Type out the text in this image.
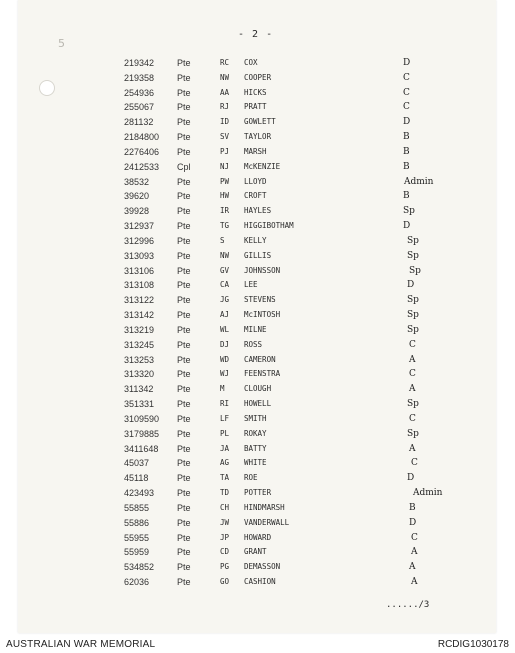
5
- 2 -
219342	Pte	RC COX	D
219358	Pte	NW COOPER	C
254936	Pte	AA HICKS	C
255067	Pte	RJ PRATT	C
281132	Pte	ID GOWLETT	D
2184800 Pte	SV TAYLOR	B
2276406 Pte	PJ MARSH	B
2412533 Cpl	NJ McKENZIE	B
38532	Pte	PW LLOYD	Admin
39620	Pte	HW CROFT	B
39928	Pte	IR HAYLES	Sp
312937	Pte	TG HIGGIBOTHAM	D
312996	Pte	S	KELLY	Sp
313093	Pte	NW GILLIS	Sp
313106	Pte	GV JOHNSSON	Sp
313108	Pte	CA LEE	D
313122	Pte	JG STEVENS	Sp
313142	Pte	AJ McINTOSH	Sp
313219	Pte	WL MILNE	Sp
313245	Pte	DJ ROSS	C
313253	Pte	WD CAMERON	A
313320	Pte	WJ FEENSTRA	C
311342	Pte	M	CLOUGH	A
351331	Pte	RI HOWELL	Sp
3109590 Pte	LF SMITH	C
3179885 Pte	PL ROKAY	Sp
3411648 Pte	JA BATTY	A
45037	Pte	AG WHITE	C
45118	Pte	TA ROE	D
423493	Pte	TD POTTER	Admin
55855	Pte	CH HINDMARSH	B
55886	Pte	JW VANDERWALL	D
55955	Pte	JP HOWARD	C
55959	Pte	CD GRANT	A
534852	Pte	PG DEMASSON	A
62036	Pte	GO CASHION	A
....../3
AUSTRALIAN WAR MEMORIAL	RCDIG1030178
